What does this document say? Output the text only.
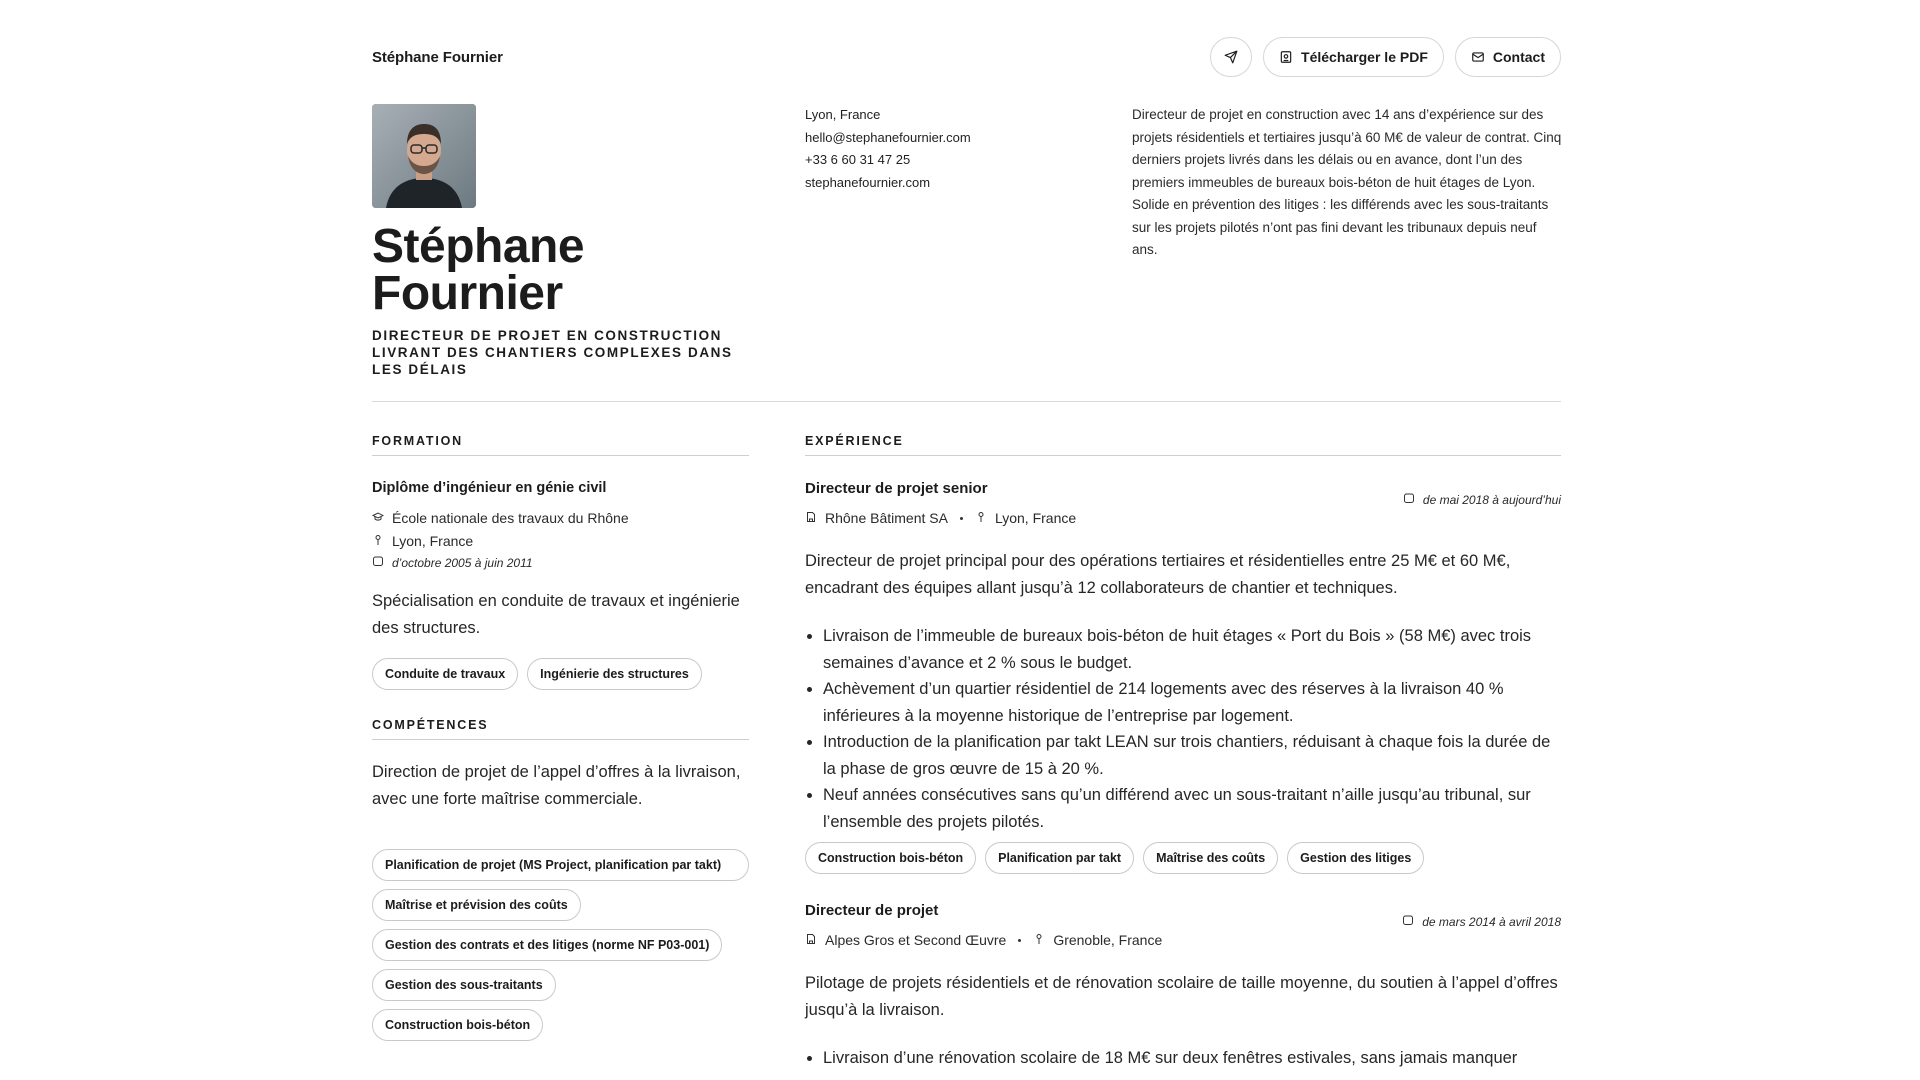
Stéphane Fournier	Télécharger le PDF	Contact
Stéphane Fournier
DIRECTEUR DE PROJET EN CONSTRUCTION LIVRANT DES CHANTIERS COMPLEXES DANS LES DÉLAIS
Lyon, France
hello@stephanefournier.com
+33 6 60 31 47 25
stephanefournier.com
Directeur de projet en construction avec 14 ans d’expérience sur des projets résidentiels et tertiaires jusqu’à 60 M€ de valeur de contrat. Cinq derniers projets livrés dans les délais ou en avance, dont l’un des premiers immeubles de bureaux bois-béton de huit étages de Lyon. Solide en prévention des litiges : les différends avec les sous-traitants sur les projets pilotés n’ont pas fini devant les tribunaux depuis neuf ans.
FORMATION
Diplôme d’ingénieur en génie civil
École nationale des travaux du Rhône
Lyon, France
d’octobre 2005 à juin 2011
Spécialisation en conduite de travaux et ingénierie des structures.
Conduite de travaux	Ingénierie des structures
COMPÉTENCES
Direction de projet de l’appel d’offres à la livraison, avec une forte maîtrise commerciale.
Planification de projet (MS Project, planification par takt)
Maîtrise et prévision des coûts
Gestion des contrats et des litiges (norme NF P03-001)
Gestion des sous-traitants
Construction bois-béton
EXPÉRIENCE
Directeur de projet senior
de mai 2018 à aujourd’hui
Rhône Bâtiment SA	Lyon, France
Directeur de projet principal pour des opérations tertiaires et résidentielles entre 25 M€ et 60 M€, encadrant des équipes allant jusqu’à 12 collaborateurs de chantier et techniques.
• Livraison de l’immeuble de bureaux bois-béton de huit étages « Port du Bois » (58 M€) avec trois semaines d’avance et 2 % sous le budget.
• Achèvement d’un quartier résidentiel de 214 logements avec des réserves à la livraison 40 % inférieures à la moyenne historique de l’entreprise par logement.
• Introduction de la planification par takt LEAN sur trois chantiers, réduisant à chaque fois la durée de la phase de gros œuvre de 15 à 20 %.
• Neuf années consécutives sans qu’un différend avec un sous-traitant n’aille jusqu’au tribunal, sur l’ensemble des projets pilotés.
Construction bois-béton	Planification par takt	Maîtrise des coûts	Gestion des litiges
Directeur de projet
de mars 2014 à avril 2018
Alpes Gros et Second Œuvre	Grenoble, France
Pilotage de projets résidentiels et de rénovation scolaire de taille moyenne, du soutien à l’appel d’offres jusqu’à la livraison.
• Livraison d’une rénovation scolaire de 18 M€ sur deux fenêtres estivales, sans jamais manquer
